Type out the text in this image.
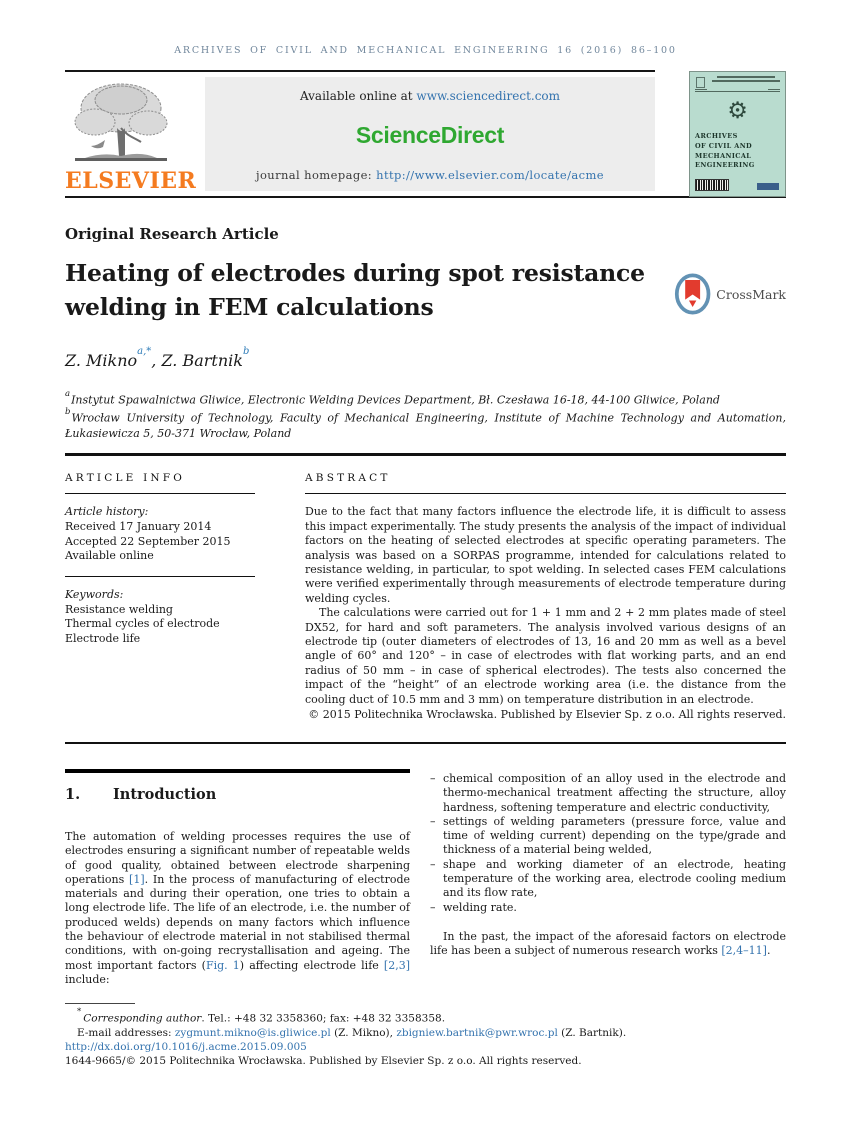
ARCHIVES OF CIVIL AND MECHANICAL ENGINEERING 16 (2016) 86–100
ELSEVIER
Available online at www.sciencedirect.com
ScienceDirect
journal homepage: http://www.elsevier.com/locate/acme
⚙
ARCHIVES
OF CIVIL AND MECHANICAL
ENGINEERING
Original Research Article
Heating of electrodes during spot resistance
welding in FEM calculations	CrossMark
Z. Mikno$^{a,*}$, Z. Bartnik$^b$
$^a$Instytut Spawalnictwa Gliwice, Electronic Welding Devices Department, Bł. Czesława 16-18, 44-100 Gliwice, Poland
$^b$Wrocław University of Technology, Faculty of Mechanical Engineering, Institute of Machine Technology and Automation, Łukasiewicza 5, 50-371 Wrocław, Poland
ARTICLE INFO
Article history:
Received 17 January 2014
Accepted 22 September 2015
Available online
Keywords:
Resistance welding
Thermal cycles of electrode
Electrode life
ABSTRACT

Due to the fact that many factors influence the electrode life, it is difficult to assess this impact experimentally. The study presents the analysis of the impact of individual factors on the heating of selected electrodes at specific operating parameters. The analysis was based on a SORPAS programme, intended for calculations related to resistance welding, in particular, to spot welding. In selected cases FEM calculations were verified experimentally through measurements of electrode temperature during welding cycles.

The calculations were carried out for 1 + 1 mm and 2 + 2 mm plates made of steel DX52, for hard and soft parameters. The analysis involved various designs of an electrode tip (outer diameters of electrodes of 13, 16 and 20 mm as well as a bevel angle of 60° and 120° – in case of electrodes with flat working parts, and an end radius of 50 mm – in case of spherical electrodes). The tests also concerned the impact of the “height” of an electrode working area (i.e. the distance from the cooling duct of 10.5 mm and 3 mm) on temperature distribution in an electrode.

© 2015 Politechnika Wrocławska. Published by Elsevier Sp. z o.o. All rights reserved.
1.	Introduction

The automation of welding processes requires the use of electrodes ensuring a significant number of repeatable welds of good quality, obtained between electrode sharpening operations [1]. In the process of manufacturing of electrode materials and during their operation, one tries to obtain a long electrode life. The life of an electrode, i.e. the number of produced welds) depends on many factors which influence the behaviour of electrode material in not stabilised thermal conditions, with on-going recrystallisation and ageing. The most important factors (Fig. 1) affecting electrode life [2,3] include:

– chemical composition of an alloy used in the electrode and thermo-mechanical treatment affecting the structure, alloy hardness, softening temperature and electric conductivity,
– settings of welding parameters (pressure force, value and time of welding current) depending on the type/grade and thickness of a material being welded,
– shape and working diameter of an electrode, heating temperature of the working area, electrode cooling medium and its flow rate,
– welding rate.

In the past, the impact of the aforesaid factors on electrode life has been a subject of numerous research works [2,4–11].

*Corresponding author. Tel.: +48 32 3358360; fax: +48 32 3358358.
E-mail addresses: zygmunt.mikno@is.gliwice.pl (Z. Mikno), zbigniew.bartnik@pwr.wroc.pl (Z. Bartnik).
http://dx.doi.org/10.1016/j.acme.2015.09.005
1644-9665/© 2015 Politechnika Wrocławska. Published by Elsevier Sp. z o.o. All rights reserved.
